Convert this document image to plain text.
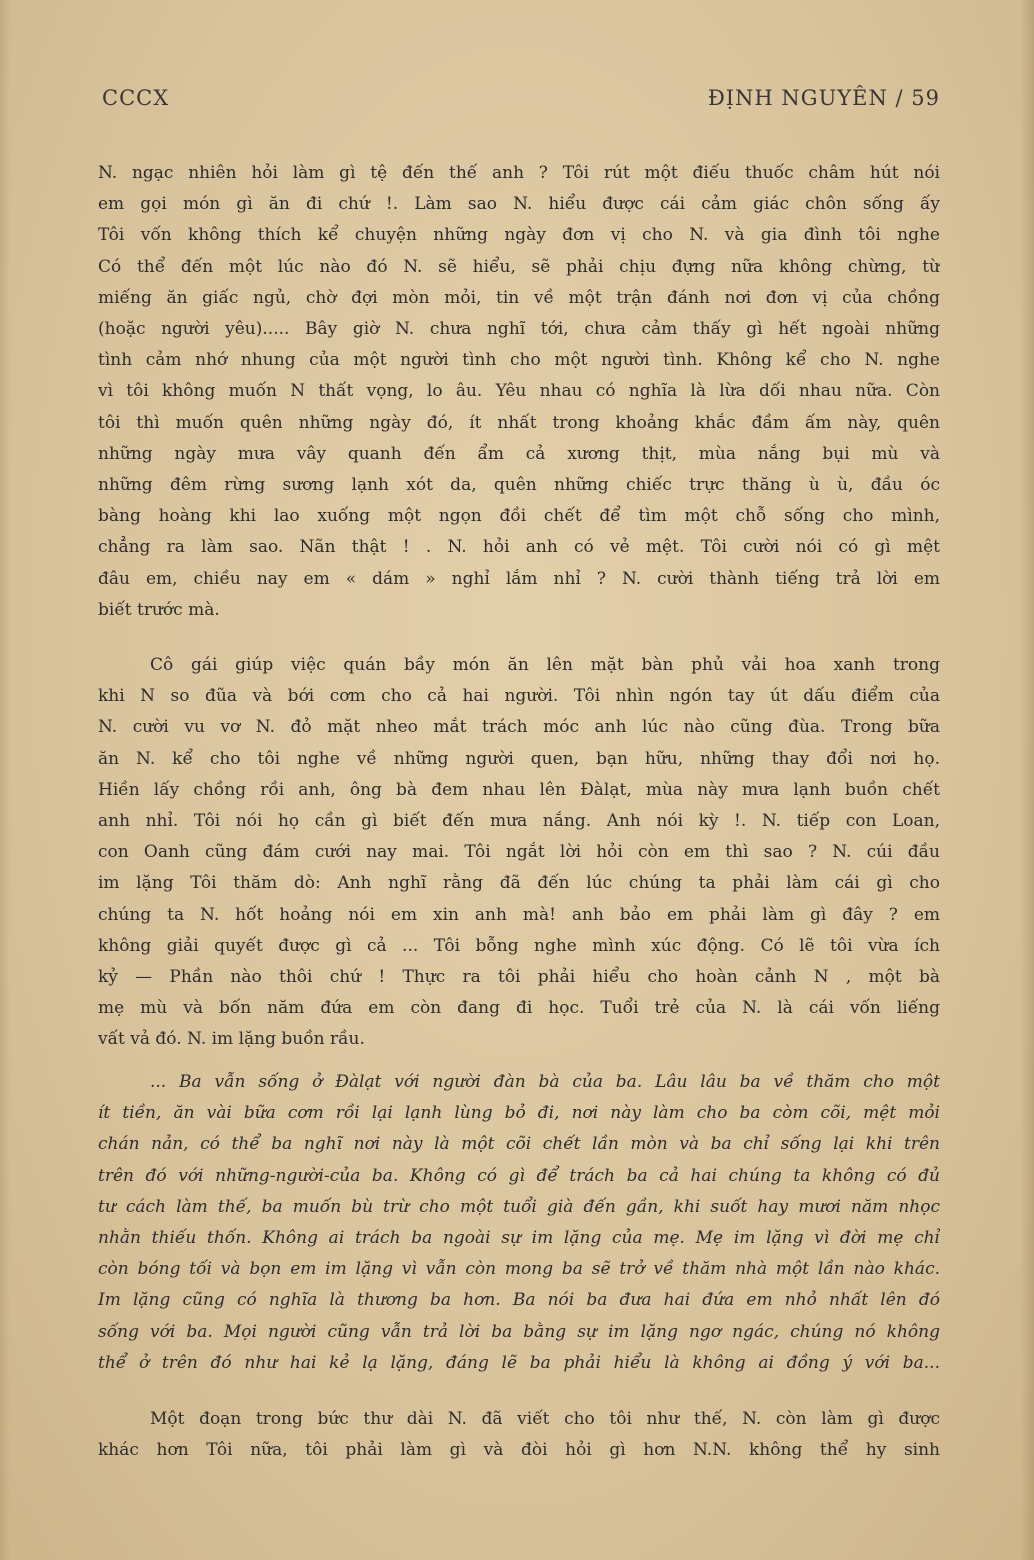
CCCX	ĐỊNH NGUYÊN / 59
N. ngạc nhiên hỏi làm gì tệ đến thế anh ? Tôi rút một điếu thuốc châm hút nói
em gọi món gì ăn đi chứ !. Làm sao N. hiểu được cái cảm giác chôn sống ấy
Tôi vốn không thích kể chuyện những ngày đơn vị cho N. và gia đình tôi nghe
Có thể đến một lúc nào đó N. sẽ hiểu, sẽ phải chịu đựng nữa không chừng, từ
miếng ăn giấc ngủ, chờ đợi mòn mỏi, tin về một trận đánh nơi đơn vị của chồng
(hoặc người yêu)..... Bây giờ N. chưa nghĩ tới, chưa cảm thấy gì hết ngoài những
tình cảm nhớ nhung của một người tình cho một người tình. Không kể cho N. nghe
vì tôi không muốn N thất vọng, lo âu. Yêu nhau có nghĩa là lừa dối nhau nữa. Còn
tôi thì muốn quên những ngày đó, ít nhất trong khoảng khắc đầm ấm này, quên
những ngày mưa vây quanh đến ẩm cả xương thịt, mùa nắng bụi mù và
những đêm rừng sương lạnh xót da, quên những chiếc trực thăng ù ù, đầu óc
bàng hoàng khi lao xuống một ngọn đồi chết để tìm một chỗ sống cho mình,
chẳng ra làm sao. Nãn thật ! . N. hỏi anh có vẻ mệt. Tôi cười nói có gì mệt
đâu em, chiều nay em « dám » nghỉ lắm nhỉ ? N. cười thành tiếng trả lời em
biết trước mà.
Cô gái giúp việc quán bầy món ăn lên mặt bàn phủ vải hoa xanh trong
khi N so đũa và bới cơm cho cả hai người. Tôi nhìn ngón tay út dấu điểm của
N. cười vu vơ N. đỏ mặt nheo mắt trách móc anh lúc nào cũng đùa. Trong bữa
ăn N. kể cho tôi nghe về những người quen, bạn hữu, những thay đổi nơi họ.
Hiền lấy chồng rồi anh, ông bà đem nhau lên Đàlạt, mùa này mưa lạnh buồn chết
anh nhỉ. Tôi nói họ cần gì biết đến mưa nắng. Anh nói kỳ !. N. tiếp con Loan,
con Oanh cũng đám cưới nay mai. Tôi ngắt lời hỏi còn em thì sao ? N. cúi đầu
im lặng Tôi thăm dò: Anh nghĩ rằng đã đến lúc chúng ta phải làm cái gì cho
chúng ta N. hốt hoảng nói em xin anh mà! anh bảo em phải làm gì đây ? em
không giải quyết được gì cả ... Tôi bỗng nghe mình xúc động. Có lẽ tôi vừa ích
kỷ — Phần nào thôi chứ ! Thực ra tôi phải hiểu cho hoàn cảnh N , một bà
mẹ mù và bốn năm đứa em còn đang đi học. Tuổi trẻ của N. là cái vốn liếng
vất vả đó. N. im lặng buồn rầu.
... Ba vẫn sống ở Đàlạt với người đàn bà của ba. Lâu lâu ba về thăm cho một
ít tiền, ăn vài bữa cơm rồi lại lạnh lùng bỏ đi, nơi này làm cho ba còm cõi, mệt mỏi
chán nản, có thể ba nghĩ nơi này là một cõi chết lần mòn và ba chỉ sống lại khi trên
trên đó với những-người-của ba. Không có gì để trách ba cả hai chúng ta không có đủ
tư cách làm thế, ba muốn bù trừ cho một tuổi già đến gần, khi suốt hay mươi năm nhọc
nhằn thiếu thốn. Không ai trách ba ngoài sự im lặng của mẹ. Mẹ im lặng vì đời mẹ chỉ
còn bóng tối và bọn em im lặng vì vẫn còn mong ba sẽ trở về thăm nhà một lần nào khác.
Im lặng cũng có nghĩa là thương ba hơn. Ba nói ba đưa hai đứa em nhỏ nhất lên đó
sống với ba. Mọi người cũng vẫn trả lời ba bằng sự im lặng ngơ ngác, chúng nó không
thể ở trên đó như hai kẻ lạ lặng, đáng lẽ ba phải hiểu là không ai đồng ý với ba...
Một đoạn trong bức thư dài N. đã viết cho tôi như thế, N. còn làm gì được
khác hơn Tôi nữa, tôi phải làm gì và đòi hỏi gì hơn N.N. không thể hy sinh
